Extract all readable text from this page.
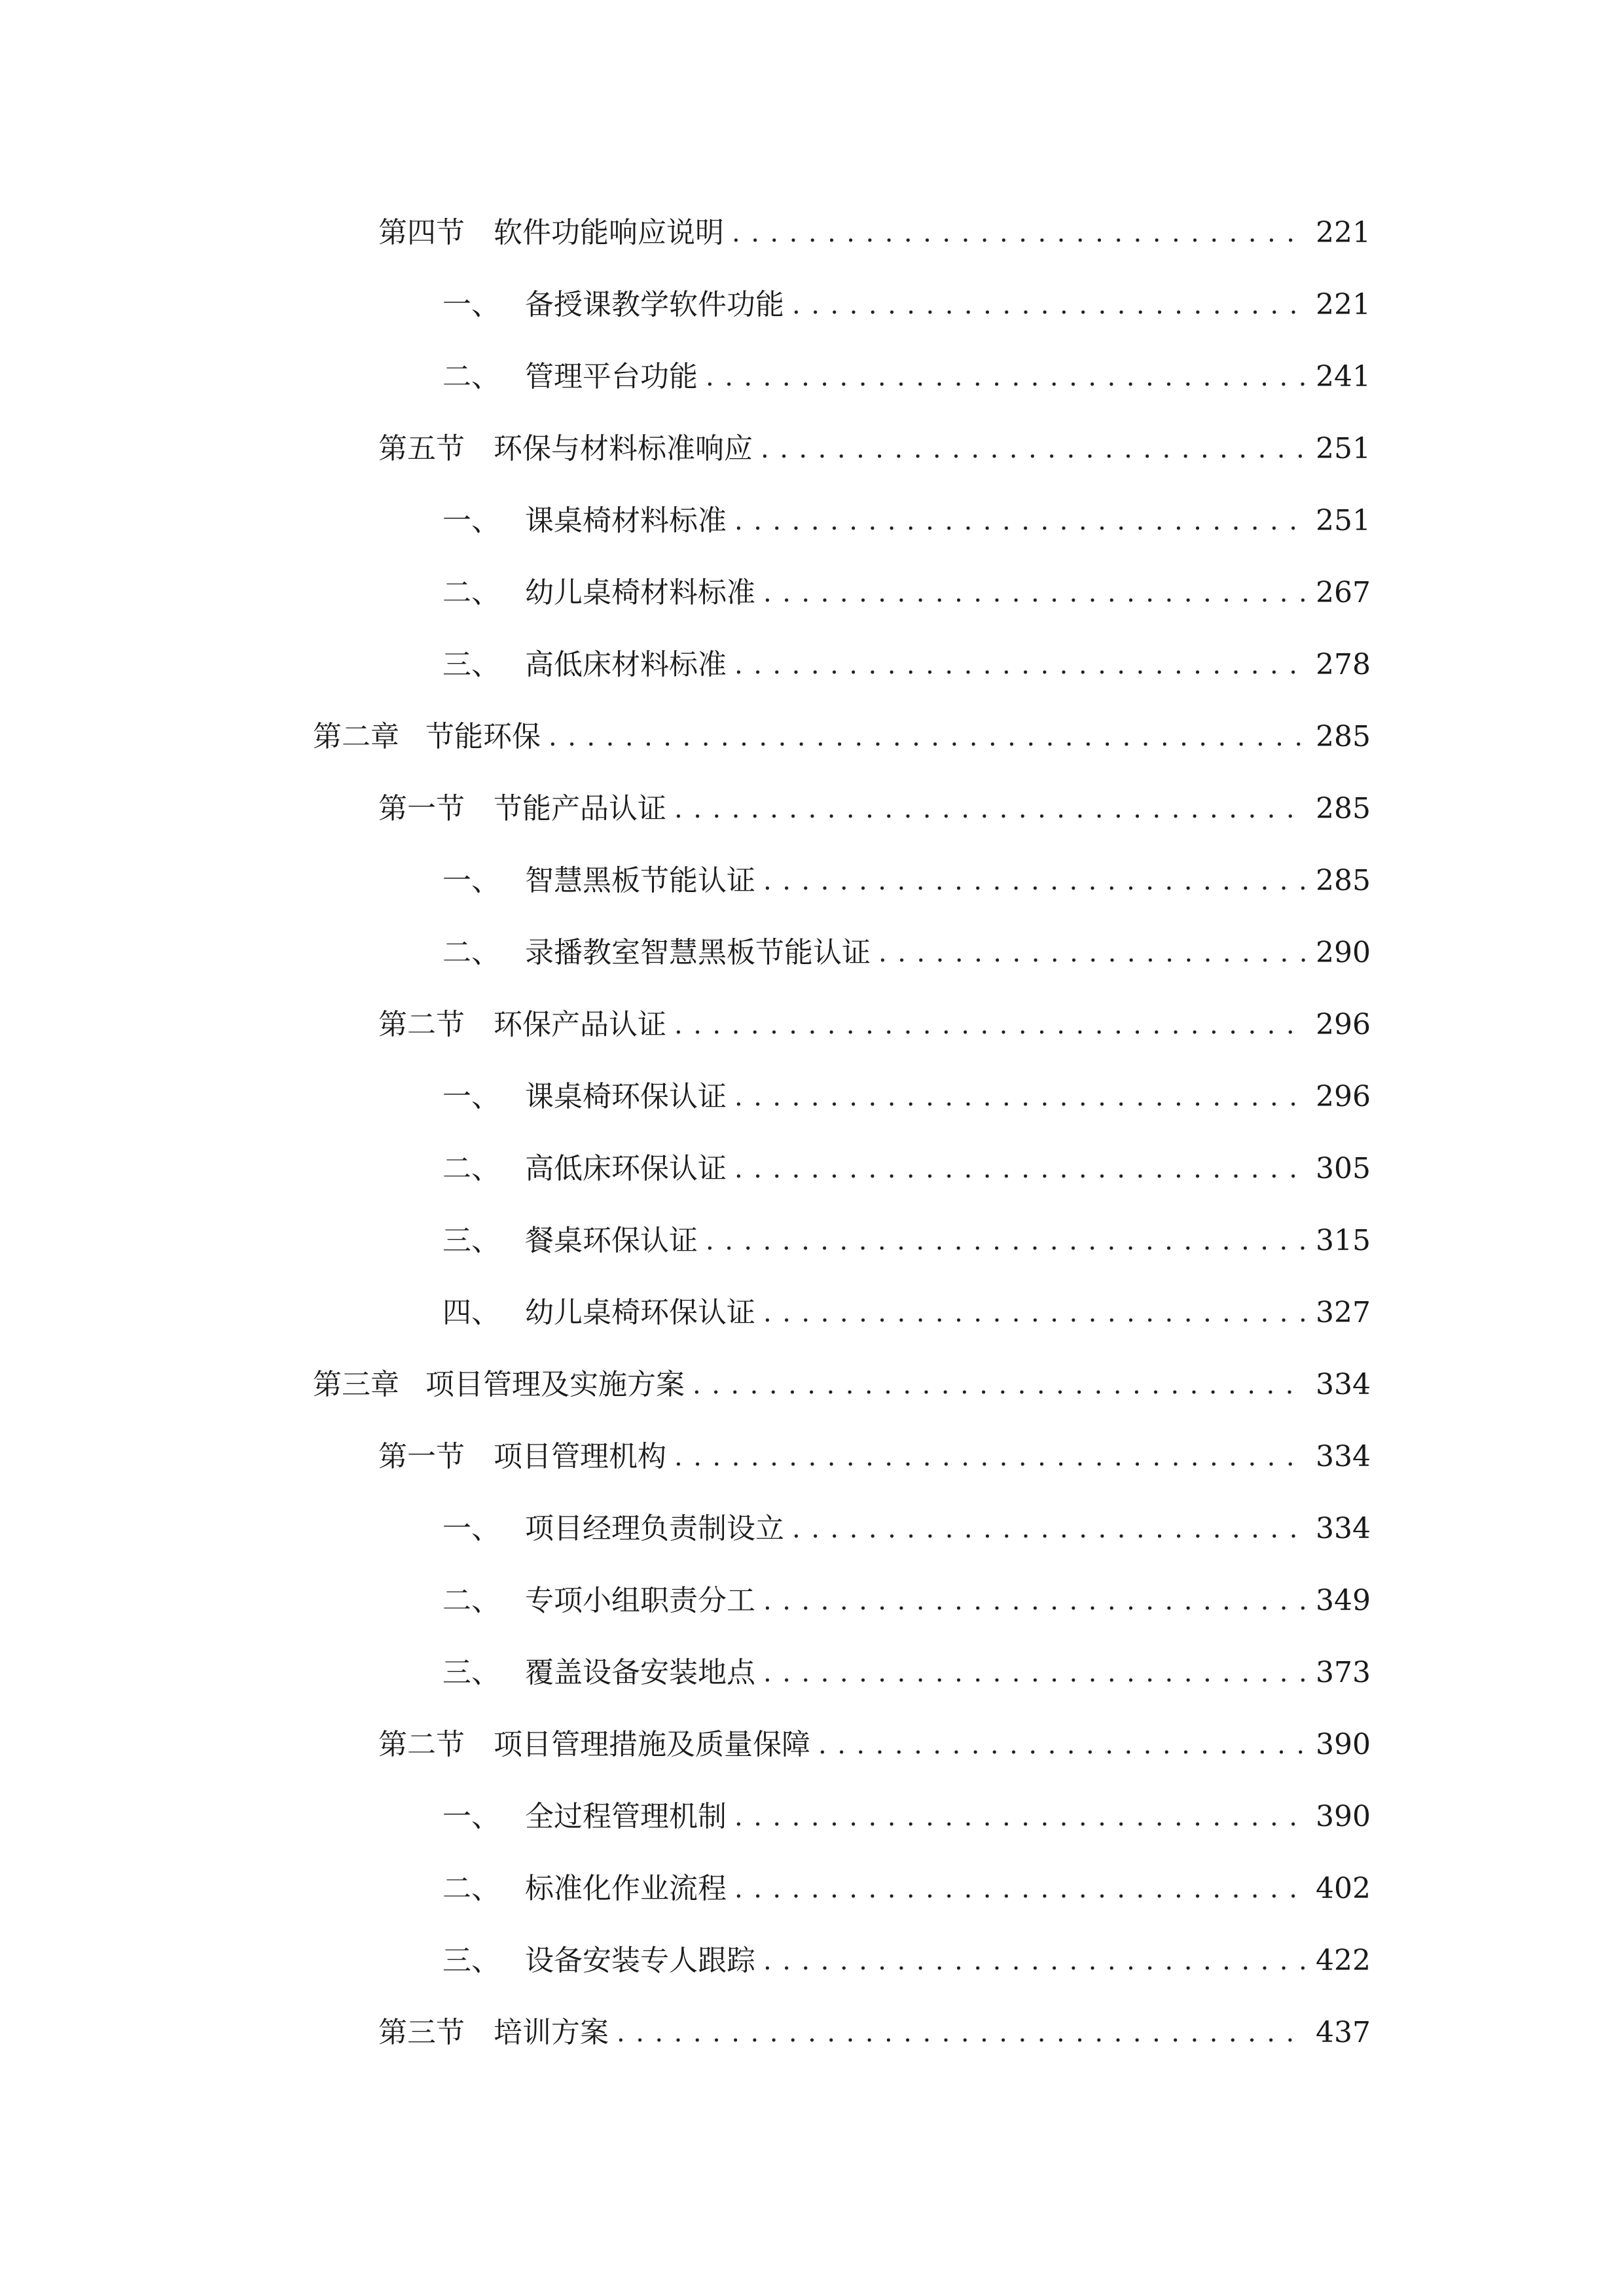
第四节	软件功能响应说明 .....	221
一、 备授课教学软件功能 .....	221
二、 管理平台功能 .....	241
第五节	环保与材料标准响应 .....	251
一、 课桌椅材料标准 .....	251
二、 幼儿桌椅材料标准 .....	267
三、 高低床材料标准 .....	278
第二章 节能环保 .....	285
第一节	节能产品认证 .....	285
一、 智慧黑板节能认证 .....	285
二、 录播教室智慧黑板节能认证 .....	290
第二节	环保产品认证 .....	296
一、 课桌椅环保认证 .....	296
二、 高低床环保认证 .....	305
三、 餐桌环保认证 .....	315
四、 幼儿桌椅环保认证 .....	327
第三章 项目管理及实施方案 .....	334
第一节	项目管理机构 .....	334
一、 项目经理负责制设立 .....	334
二、 专项小组职责分工 .....	349
三、 覆盖设备安装地点 .....	373
第二节	项目管理措施及质量保障 .....	390
一、 全过程管理机制 .....	390
二、 标准化作业流程 .....	402
三、 设备安装专人跟踪 .....	422
第三节	培训方案 .....	437
